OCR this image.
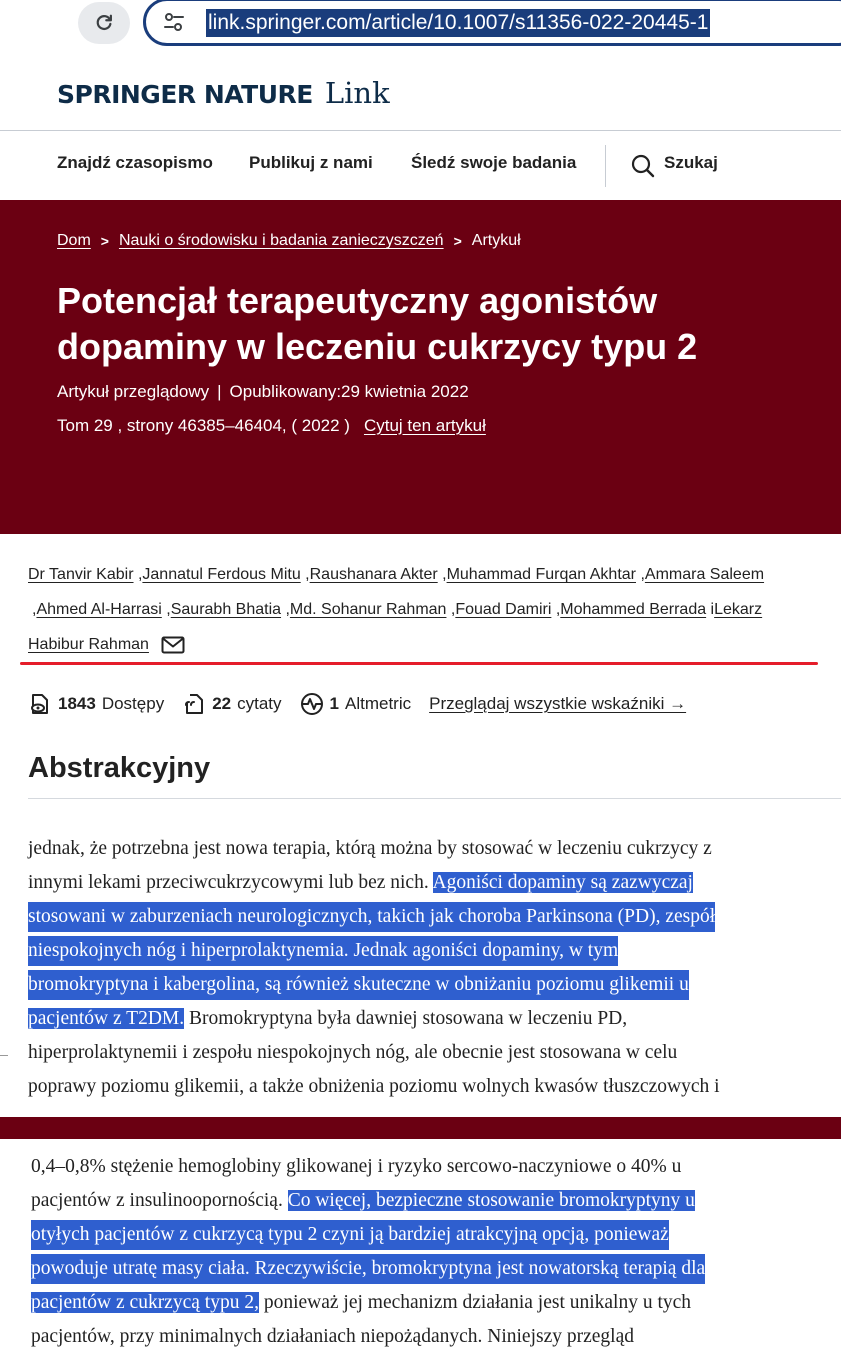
link.springer.com/article/10.1007/s11356-022-20445-1
SPRINGER NATURE Link
Znajdź czasopismo Publikuj z nami Śledź swoje badania	Szukaj
Dom > Nauki o środowisku i badania zanieczyszczeń > Artykuł
Potencjał terapeutyczny agonistów
dopaminy w leczeniu cukrzycy typu 2
Artykuł przeglądowy | Opublikowany:29 kwietnia 2022
Tom 29 , strony 46385–46404, ( 2022 ) Cytuj ten artykuł
Dr Tanvir Kabir ,Jannatul Ferdous Mitu ,Raushanara Akter ,Muhammad Furqan Akhtar ,Ammara Saleem
,Ahmed Al-Harrasi ,Saurabh Bhatia ,Md. Sohanur Rahman ,Fouad Damiri ,Mohammed Berrada iLekarz
Habibur Rahman
1843 Dostępy	22 cytaty	1 Altmetric Przeglądaj wszystkie wskaźniki →
Abstrakcyjny
jednak, że potrzebna jest nowa terapia, którą można by stosować w leczeniu cukrzycy z
innymi lekami przeciwcukrzycowymi lub bez nich. Agoniści dopaminy są zazwyczaj
stosowani w zaburzeniach neurologicznych, takich jak choroba Parkinsona (PD), zespół
niespokojnych nóg i hiperprolaktynemia. Jednak agoniści dopaminy, w tym
bromokryptyna i kabergolina, są również skuteczne w obniżaniu poziomu glikemii u
pacjentów z T2DM. Bromokryptyna była dawniej stosowana w leczeniu PD,
hiperprolaktynemii i zespołu niespokojnych nóg, ale obecnie jest stosowana w celu
poprawy poziomu glikemii, a także obniżenia poziomu wolnych kwasów tłuszczowych i
0,4–0,8% stężenie hemoglobiny glikowanej i ryzyko sercowo-naczyniowe o 40% u
pacjentów z insulinoopornością. Co więcej, bezpieczne stosowanie bromokryptyny u
otyłych pacjentów z cukrzycą typu 2 czyni ją bardziej atrakcyjną opcją, ponieważ
powoduje utratę masy ciała. Rzeczywiście, bromokryptyna jest nowatorską terapią dla
pacjentów z cukrzycą typu 2, ponieważ jej mechanizm działania jest unikalny u tych
pacjentów, przy minimalnych działaniach niepożądanych. Niniejszy przegląd
